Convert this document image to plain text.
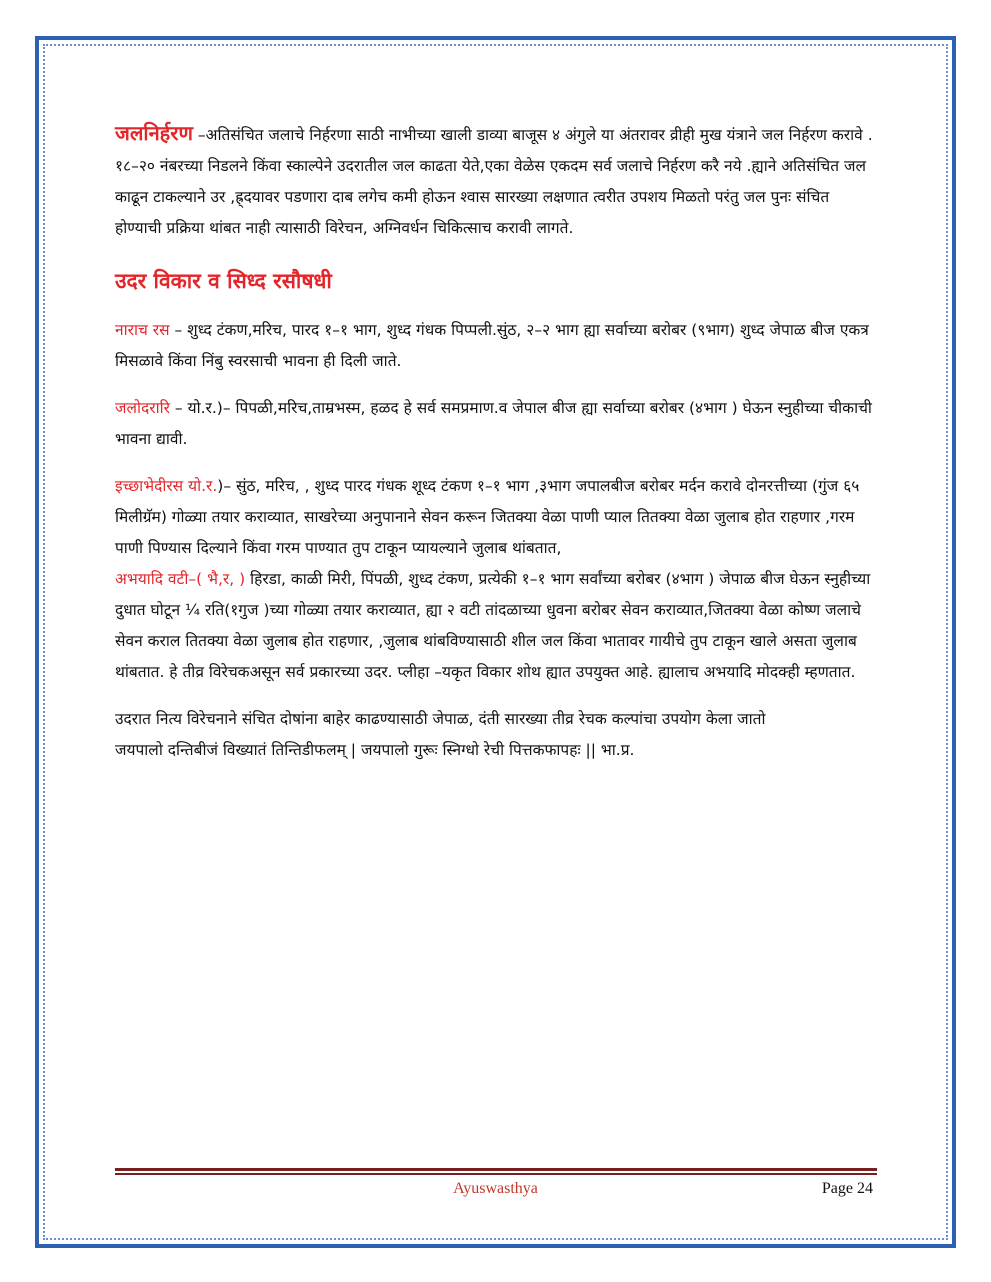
जलनिर्हरण –अतिसंचित जलाचे निर्हरणा साठी नाभीच्या खाली डाव्या बाजूस ४ अंगुले या अंतरावर व्रीही मुख यंत्राने जल निर्हरण करावे . १८–२० नंबरच्या निडलने किंवा स्काल्पेने उदरातील जल काढता येते,एका वेळेस एकदम सर्व जलाचे निर्हरण करै नये .ह्याने अतिसंचित जल काढून टाकल्याने उर ,ह्र्दयावर पडणारा दाब लगेच कमी होऊन श्वास सारख्या लक्षणात त्वरीत उपशय मिळतो परंतु जल पुनः संचित होण्याची प्रक्रिया थांबत नाही त्यासाठी विरेचन, अग्निवर्धन चिकित्साच करावी लागते.

उदर विकार व सिध्द रसौषधी

नाराच रस – शुध्द टंकण,मरिच, पारद १–१ भाग, शुध्द गंधक पिप्पली.सुंठ, २–२ भाग ह्या सर्वाच्या बरोबर (९भाग) शुध्द जेपाळ बीज एकत्र मिसळावे किंवा निंबु स्वरसाची भावना ही दिली जाते.

जलोदरारि – यो.र.)– पिपळी,मरिच,ताम्रभस्म, हळद हे सर्व समप्रमाण.व जेपाल बीज ह्या सर्वाच्या बरोबर (४भाग ) घेऊन स्नुहीच्या चीकाची भावना द्यावी.

इच्छाभेदीरस यो.र.)– सुंठ, मरिच, , शुध्द पारद गंधक शूध्द टंकण १–१ भाग ,३भाग जपालबीज बरोबर मर्दन करावे दोनरत्तीच्या (गुंज ६५ मिलीग्रॅम) गोळ्या तयार कराव्यात, साखरेच्या अनुपानाने सेवन करून जितक्या वेळा पाणी प्याल तितक्या वेळा जुलाब होत राहणार ,गरम पाणी पिण्यास दिल्याने किंवा गरम पाण्यात तुप टाकून प्यायल्याने जुलाब थांबतात,

अभयादि वटी–( भै,र, ) हिरडा, काळी मिरी, पिंपळी, शुध्द टंकण, प्रत्येकी १–१ भाग सर्वांच्या बरोबर (४भाग ) जेपाळ बीज घेऊन स्नुहीच्या दुधात घोटून ¼ रति(१गुज )च्या गोळ्या तयार कराव्यात, ह्या २ वटी तांदळाच्या धुवना बरोबर सेवन कराव्यात,जितक्या वेळा कोष्ण जलाचे सेवन कराल तितक्या वेळा जुलाब होत राहणार, ,जुलाब थांबविण्यासाठी शील जल किंवा भातावर गायीचे तुप टाकून खाले असता जुलाब थांबतात. हे तीव्र विरेचकअसून सर्व प्रकारच्या उदर. प्लीहा –यकृत विकार शोथ ह्यात उपयुक्त आहे. ह्यालाच अभयादि मोदक्ही म्हणतात.

उदरात नित्य विरेचनाने संचित दोषांना बाहेर काढण्यासाठी जेपाळ, दंती सारख्या तीव्र रेचक कल्पांचा उपयोग केला जातो

जयपालो दन्तिबीजं विख्यातं तिन्तिडीफलम् | जयपालो गुरूः स्निग्धो रेची पित्तकफापहः || भा.प्र.

Ayuswasthya	Page 24
